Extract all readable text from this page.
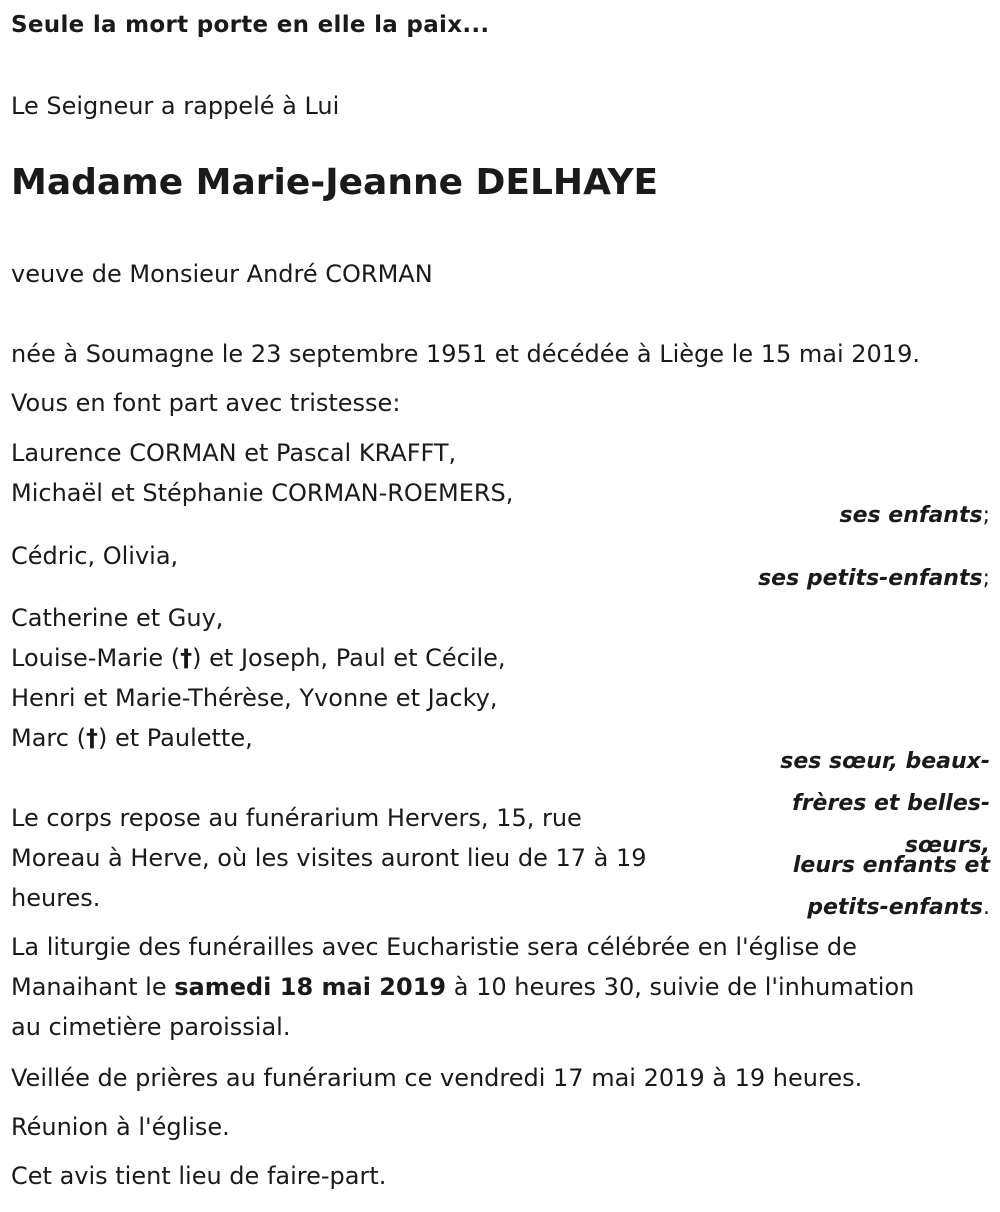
Seule la mort porte en elle la paix...
Le Seigneur a rappelé à Lui
Madame Marie-Jeanne DELHAYE
veuve de Monsieur André CORMAN
née à Soumagne le 23 septembre 1951 et décédée à Liège le 15 mai 2019.
Vous en font part avec tristesse:
Laurence CORMAN et Pascal KRAFFT,
Michaël et Stéphanie CORMAN-ROEMERS,
ses enfants;
Cédric, Olivia,
ses petits-enfants;
Catherine et Guy,
Louise-Marie (†) et Joseph, Paul et Cécile,
Henri et Marie-Thérèse, Yvonne et Jacky,
Marc (†) et Paulette,
ses sœur, beaux-frères et belles-sœurs,
leurs enfants et petits-enfants.
Le corps repose au funérarium Hervers, 15, rue
Moreau à Herve, où les visites auront lieu de 17 à 19
heures.
La liturgie des funérailles avec Eucharistie sera célébrée en l'église de
Manaihant le samedi 18 mai 2019 à 10 heures 30, suivie de l'inhumation
au cimetière paroissial.
Veillée de prières au funérarium ce vendredi 17 mai 2019 à 19 heures.
Réunion à l'église.
Cet avis tient lieu de faire-part.
